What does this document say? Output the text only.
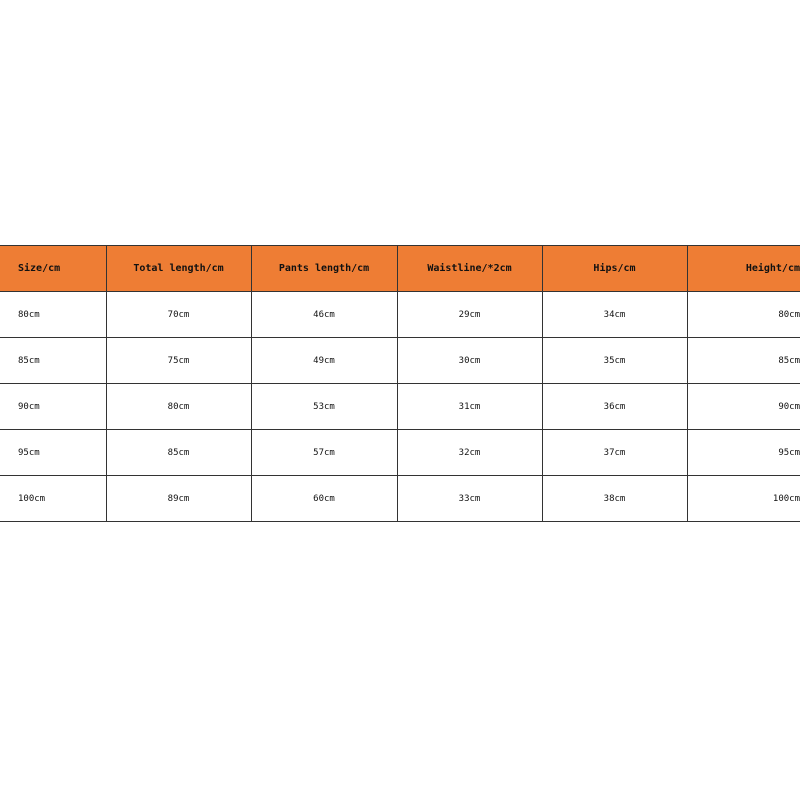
Size/cm	Total length/cm	Pants length/cm	Waistline/*2cm	Hips/cm	Height/cm
80cm	70cm	46cm	29cm	34cm	80cm
85cm	75cm	49cm	30cm	35cm	85cm
90cm	80cm	53cm	31cm	36cm	90cm
95cm	85cm	57cm	32cm	37cm	95cm
100cm	89cm	60cm	33cm	38cm	100cm
